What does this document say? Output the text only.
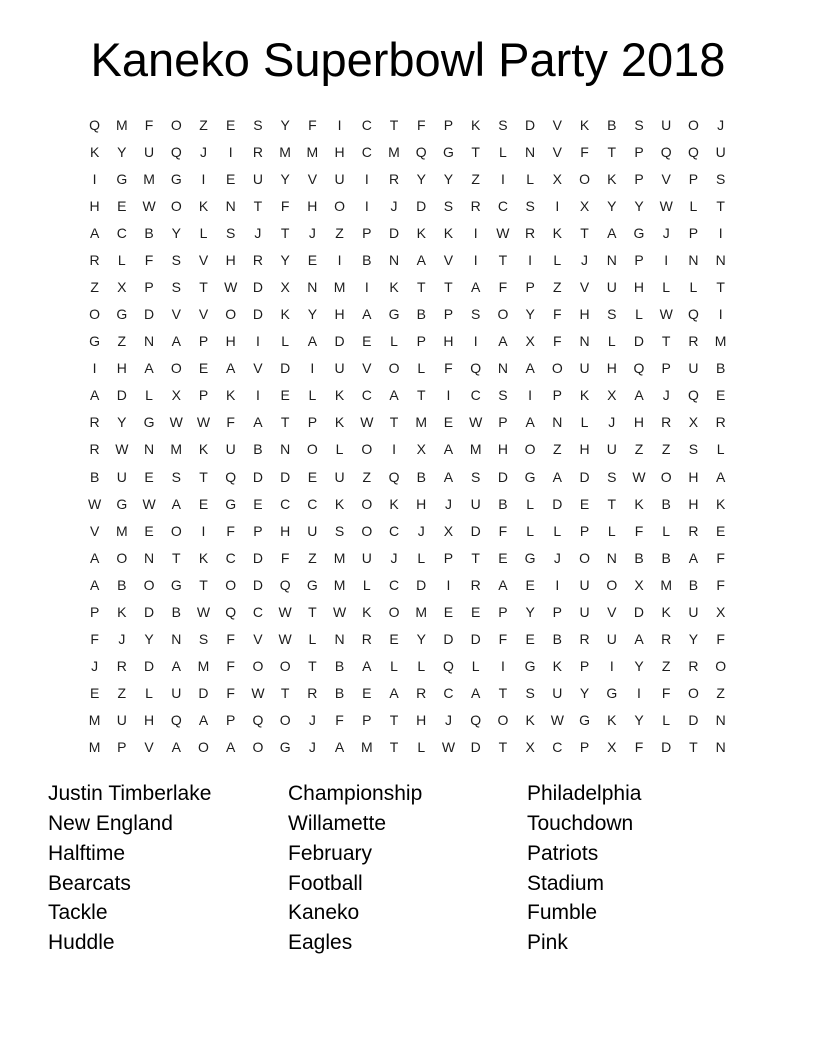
Kaneko Superbowl Party 2018
Q	M	F	O	Z	E	S	Y	F	I	C	T	F	P	K	S	D	V	K	B	S	U	O	J
K	Y	U	Q	J	I	R	M	M	H	C	M	Q	G	T	L	N	V	F	T	P	Q	Q	U
I	G	M	G	I	E	U	Y	V	U	I	R	Y	Y	Z	I	L	X	O	K	P	V	P	S
H	E	W	O	K	N	T	F	H	O	I	J	D	S	R	C	S	I	X	Y	Y	W	L	T
A	C	B	Y	L	S	J	T	J	Z	P	D	K	K	I	W	R	K	T	A	G	J	P	I
R	L	F	S	V	H	R	Y	E	I	B	N	A	V	I	T	I	L	J	N	P	I	N	N
Z	X	P	S	T	W	D	X	N	M	I	K	T	T	A	F	P	Z	V	U	H	L	L	T
O	G	D	V	V	O	D	K	Y	H	A	G	B	P	S	O	Y	F	H	S	L	W	Q	I
G	Z	N	A	P	H	I	L	A	D	E	L	P	H	I	A	X	F	N	L	D	T	R	M
I	H	A	O	E	A	V	D	I	U	V	O	L	F	Q	N	A	O	U	H	Q	P	U	B
A	D	L	X	P	K	I	E	L	K	C	A	T	I	C	S	I	P	K	X	A	J	Q	E
R	Y	G	W	W	F	A	T	P	K	W	T	M	E	W	P	A	N	L	J	H	R	X	R
R	W	N	M	K	U	B	N	O	L	O	I	X	A	M	H	O	Z	H	U	Z	Z	S	L
B	U	E	S	T	Q	D	D	E	U	Z	Q	B	A	S	D	G	A	D	S	W	O	H	A
W	G	W	A	E	G	E	C	C	K	O	K	H	J	U	B	L	D	E	T	K	B	H	K
V	M	E	O	I	F	P	H	U	S	O	C	J	X	D	F	L	L	P	L	F	L	R	E
A	O	N	T	K	C	D	F	Z	M	U	J	L	P	T	E	G	J	O	N	B	B	A	F
A	B	O	G	T	O	D	Q	G	M	L	C	D	I	R	A	E	I	U	O	X	M	B	F
P	K	D	B	W	Q	C	W	T	W	K	O	M	E	E	P	Y	P	U	V	D	K	U	X
F	J	Y	N	S	F	V	W	L	N	R	E	Y	D	D	F	E	B	R	U	A	R	Y	F
J	R	D	A	M	F	O	O	T	B	A	L	L	Q	L	I	G	K	P	I	Y	Z	R	O
E	Z	L	U	D	F	W	T	R	B	E	A	R	C	A	T	S	U	Y	G	I	F	O	Z
M	U	H	Q	A	P	Q	O	J	F	P	T	H	J	Q	O	K	W	G	K	Y	L	D	N
M	P	V	A	O	A	O	G	J	A	M	T	L	W	D	T	X	C	P	X	F	D	T	N
Justin Timberlake
New England
Halftime
Bearcats
Tackle
Huddle
Championship
Willamette
February
Football
Kaneko
Eagles
Philadelphia
Touchdown
Patriots
Stadium
Fumble
Pink
